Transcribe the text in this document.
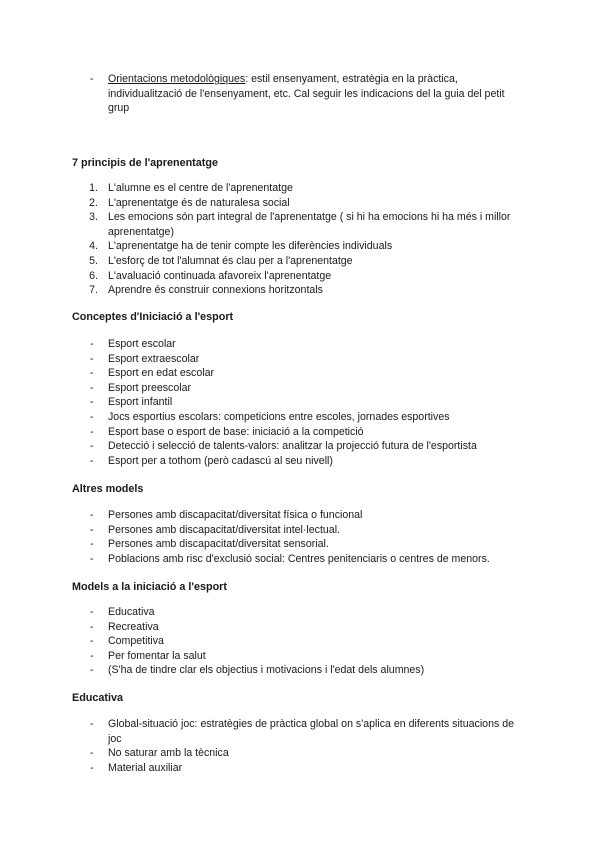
- Orientacions metodològiques: estil ensenyament, estratègia en la pràctica, individualització de l'ensenyament, etc. Cal seguir les indicacions del la guia del petit grup
7 principis de l'aprenentatge
1. L'alumne es el centre de l'aprenentatge
2. L'aprenentatge és de naturalesa social
3. Les emocions són part integral de l'aprenentatge ( si hi ha emocions hi ha més i millor aprenentatge)
4. L'aprenentatge ha de tenir compte les diferències individuals
5. L'esforç de tot l'alumnat és clau per a l'aprenentatge
6. L'avaluació continuada afavoreix l'aprenentatge
7. Aprendre és construir connexions horitzontals
Conceptes d'Iniciació a l'esport
- Esport escolar
- Esport extraescolar
- Esport en edat escolar
- Esport preescolar
- Esport infantil
- Jocs esportius escolars: competicions entre escoles, jornades esportives
- Esport base o esport de base: iniciació a la competició
- Detecció i selecció de talents-valors: analitzar la projecció futura de l'esportista
- Esport per a tothom (però cadascú al seu nivell)
Altres models
- Persones amb discapacitat/diversitat física o funcional
- Persones amb discapacitat/diversitat intel·lectual.
- Persones amb discapacitat/diversitat sensorial.
- Poblacions amb risc d'exclusió social: Centres penitenciaris o centres de menors.
Models a la iniciació a l'esport
- Educativa
- Recreativa
- Competitiva
- Per fomentar la salut
- (S'ha de tindre clar els objectius i motivacions i l'edat dels alumnes)
Educativa
- Global-situació joc: estratègies de pràctica global on s'aplica en diferents situacions de joc
- No saturar amb la tècnica
- Material auxiliar
